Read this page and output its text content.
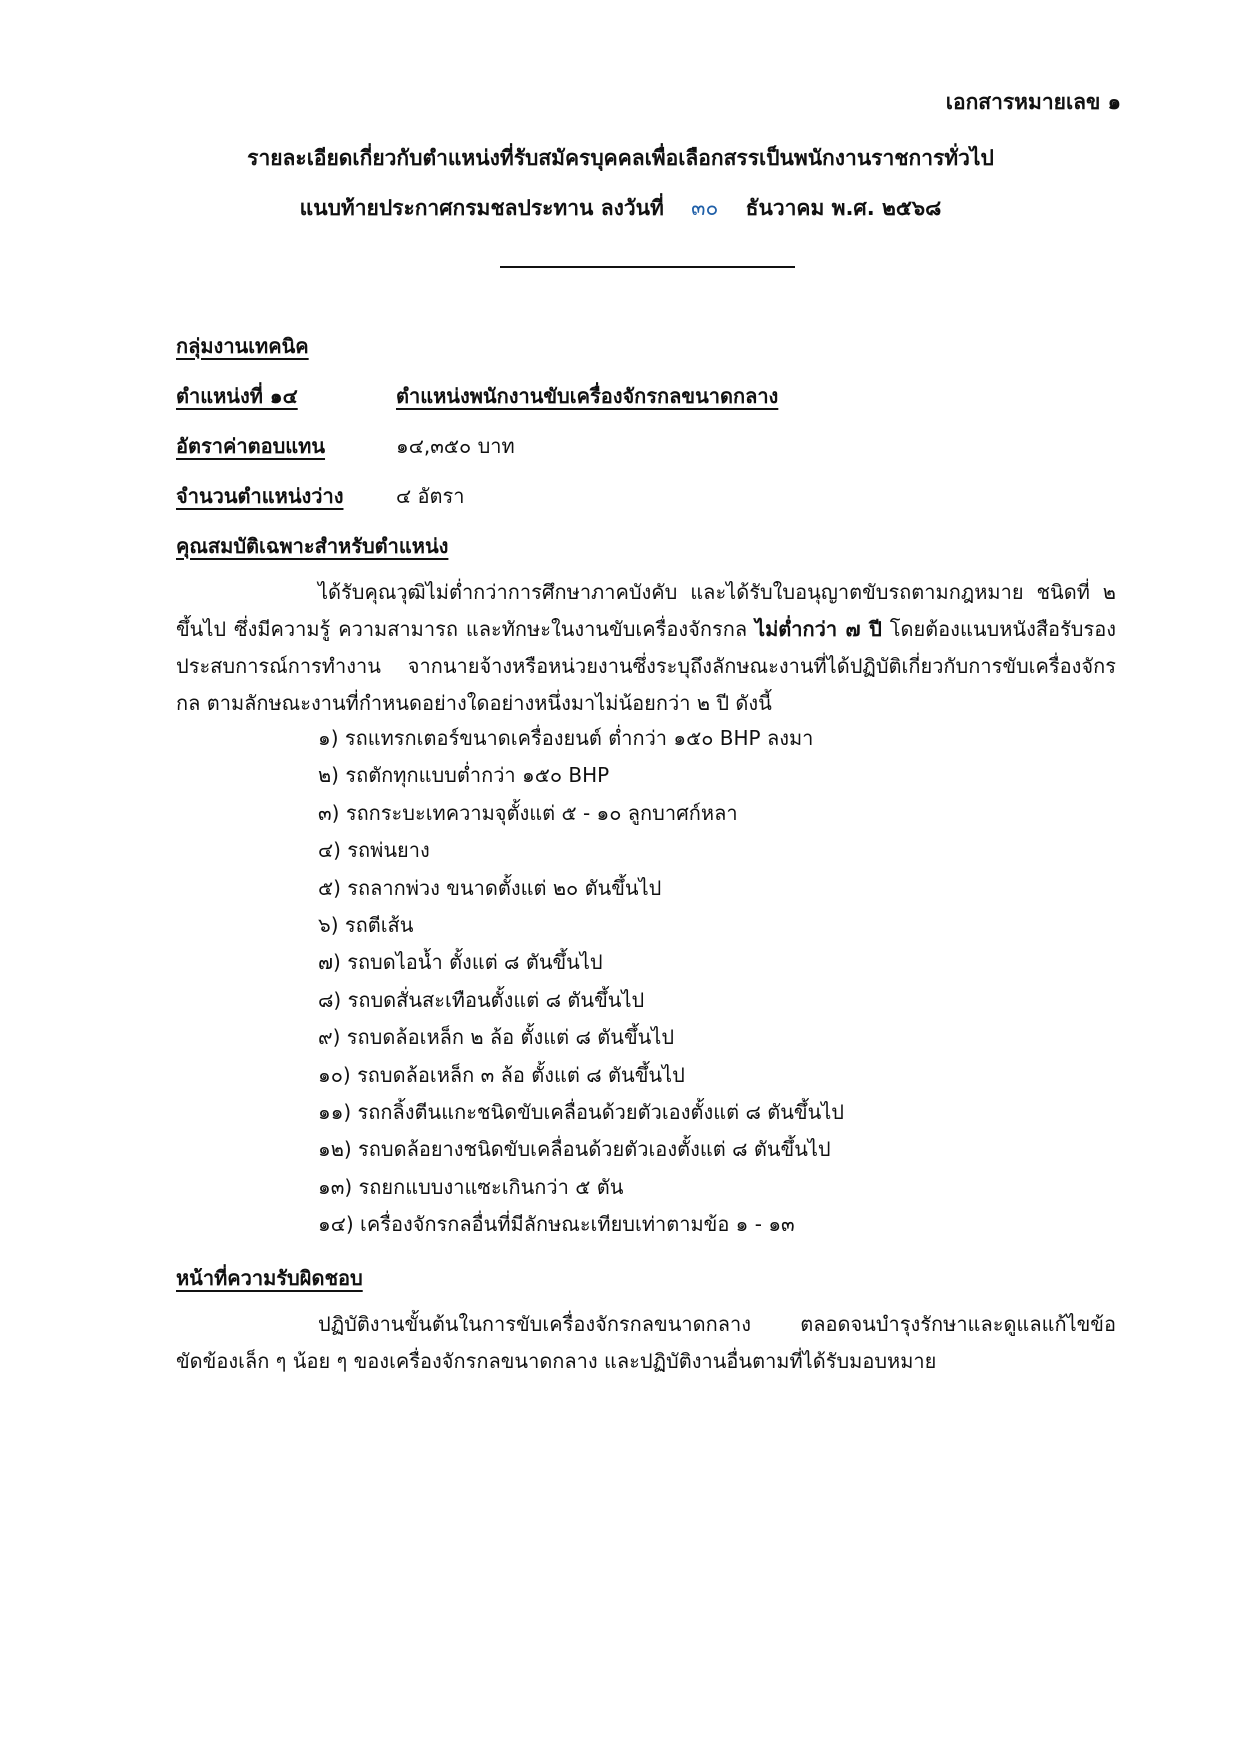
เอกสารหมายเลข ๑
รายละเอียดเกี่ยวกับตำแหน่งที่รับสมัครบุคคลเพื่อเลือกสรรเป็นพนักงานราชการทั่วไป
แนบท้ายประกาศกรมชลประทาน ลงวันที่ ๓๐ ธันวาคม พ.ศ. ๒๕๖๘
กลุ่มงานเทคนิค
ตำแหน่งที่ ๑๔	ตำแหน่งพนักงานขับเครื่องจักรกลขนาดกลาง
อัตราค่าตอบแทน	๑๔,๓๕๐ บาท
จำนวนตำแหน่งว่าง	๔ อัตรา
คุณสมบัติเฉพาะสำหรับตำแหน่ง

ได้รับคุณวุฒิไม่ต่ำกว่าการศึกษาภาคบังคับ และได้รับใบอนุญาตขับรถตามกฎหมาย ชนิดที่ ๒ ขึ้นไป ซึ่งมีความรู้ ความสามารถ และทักษะในงานขับเครื่องจักรกล ไม่ต่ำกว่า ๗ ปี โดยต้องแนบหนังสือรับรองประสบการณ์การทำงาน จากนายจ้างหรือหน่วยงานซึ่งระบุถึงลักษณะงานที่ได้ปฏิบัติเกี่ยวกับการขับเครื่องจักรกล ตามลักษณะงานที่กำหนดอย่างใดอย่างหนึ่งมาไม่น้อยกว่า ๒ ปี ดังนี้

๑) รถแทรกเตอร์ขนาดเครื่องยนต์ ต่ำกว่า ๑๕๐ BHP ลงมา
๒) รถตักทุกแบบต่ำกว่า ๑๕๐ BHP
๓) รถกระบะเทความจุตั้งแต่ ๕ - ๑๐ ลูกบาศก์หลา
๔) รถพ่นยาง
๕) รถลากพ่วง ขนาดตั้งแต่ ๒๐ ตันขึ้นไป
๖) รถตีเส้น
๗) รถบดไอน้ำ ตั้งแต่ ๘ ตันขึ้นไป
๘) รถบดสั่นสะเทือนตั้งแต่ ๘ ตันขึ้นไป
๙) รถบดล้อเหล็ก ๒ ล้อ ตั้งแต่ ๘ ตันขึ้นไป
๑๐) รถบดล้อเหล็ก ๓ ล้อ ตั้งแต่ ๘ ตันขึ้นไป
๑๑) รถกลิ้งตีนแกะชนิดขับเคลื่อนด้วยตัวเองตั้งแต่ ๘ ตันขึ้นไป
๑๒) รถบดล้อยางชนิดขับเคลื่อนด้วยตัวเองตั้งแต่ ๘ ตันขึ้นไป
๑๓) รถยกแบบงาแซะเกินกว่า ๕ ตัน
๑๔) เครื่องจักรกลอื่นที่มีลักษณะเทียบเท่าตามข้อ ๑ - ๑๓
หน้าที่ความรับผิดชอบ

ปฏิบัติงานขั้นต้นในการขับเครื่องจักรกลขนาดกลาง ตลอดจนบำรุงรักษาและดูแลแก้ไขข้อขัดข้องเล็ก ๆ น้อย ๆ ของเครื่องจักรกลขนาดกลาง และปฏิบัติงานอื่นตามที่ได้รับมอบหมาย
